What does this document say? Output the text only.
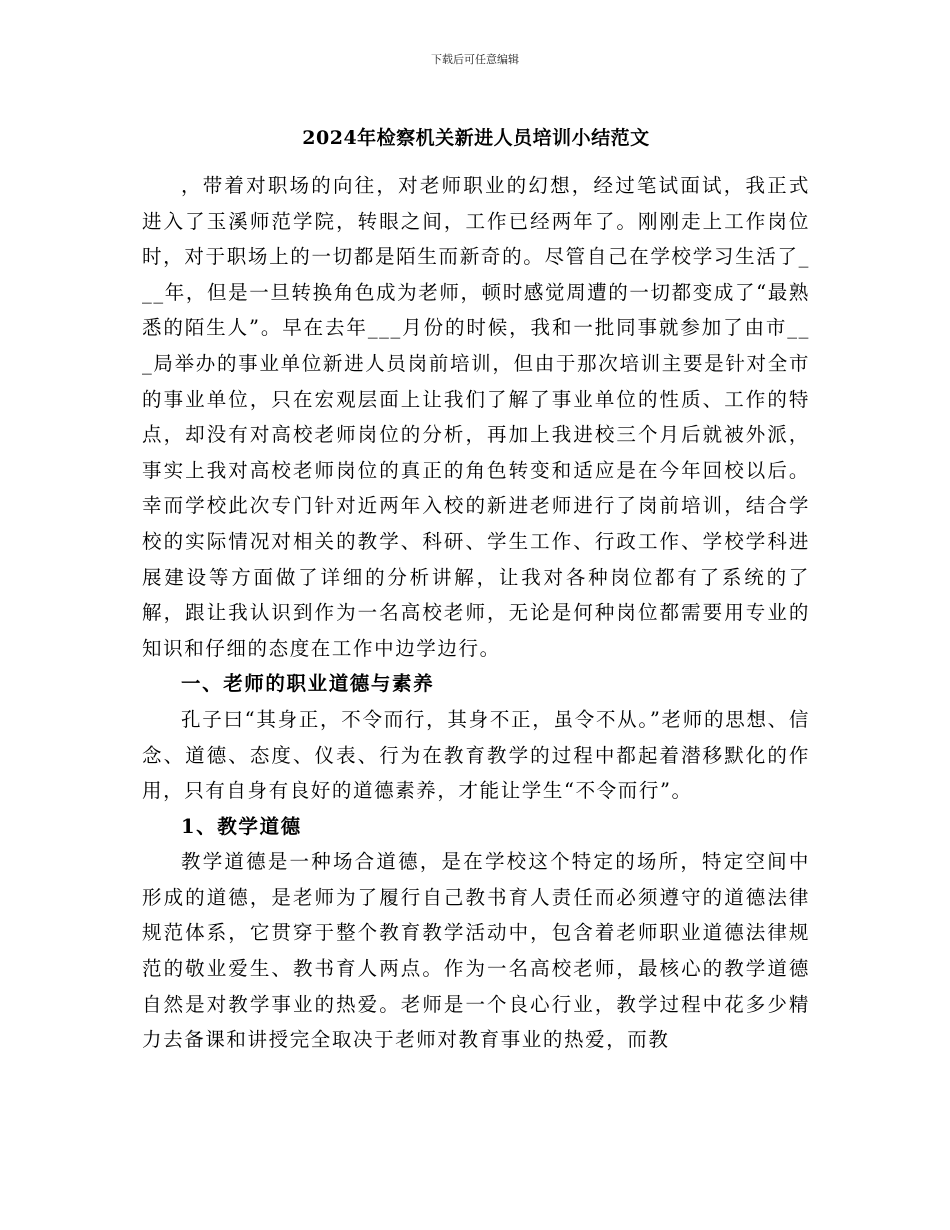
下载后可任意编辑
2024年检察机关新进人员培训小结范文

，带着对职场的向往，对老师职业的幻想，经过笔试面试，我正式进入了玉溪师范学院，转眼之间，工作已经两年了。刚刚走上工作岗位时，对于职场上的一切都是陌生而新奇的。尽管自己在学校学习生活了___年，但是一旦转换角色成为老师，顿时感觉周遭的一切都变成了“最熟悉的陌生人”。早在去年___月份的时候，我和一批同事就参加了由市___局举办的事业单位新进人员岗前培训，但由于那次培训主要是针对全市的事业单位，只在宏观层面上让我们了解了事业单位的性质、工作的特点，却没有对高校老师岗位的分析，再加上我进校三个月后就被外派，事实上我对高校老师岗位的真正的角色转变和适应是在今年回校以后。幸而学校此次专门针对近两年入校的新进老师进行了岗前培训，结合学校的实际情况对相关的教学、科研、学生工作、行政工作、学校学科进展建设等方面做了详细的分析讲解，让我对各种岗位都有了系统的了解，跟让我认识到作为一名高校老师，无论是何种岗位都需要用专业的知识和仔细的态度在工作中边学边行。

一、老师的职业道德与素养

孔子曰“其身正，不令而行，其身不正，虽令不从。”老师的思想、信念、道德、态度、仪表、行为在教育教学的过程中都起着潜移默化的作用，只有自身有良好的道德素养，才能让学生“不令而行”。

1、教学道德

教学道德是一种场合道德，是在学校这个特定的场所，特定空间中形成的道德，是老师为了履行自己教书育人责任而必须遵守的道德法律规范体系，它贯穿于整个教育教学活动中，包含着老师职业道德法律规范的敬业爱生、教书育人两点。作为一名高校老师，最核心的教学道德自然是对教学事业的热爱。老师是一个良心行业，教学过程中花多少精力去备课和讲授完全取决于老师对教育事业的热爱，而教
